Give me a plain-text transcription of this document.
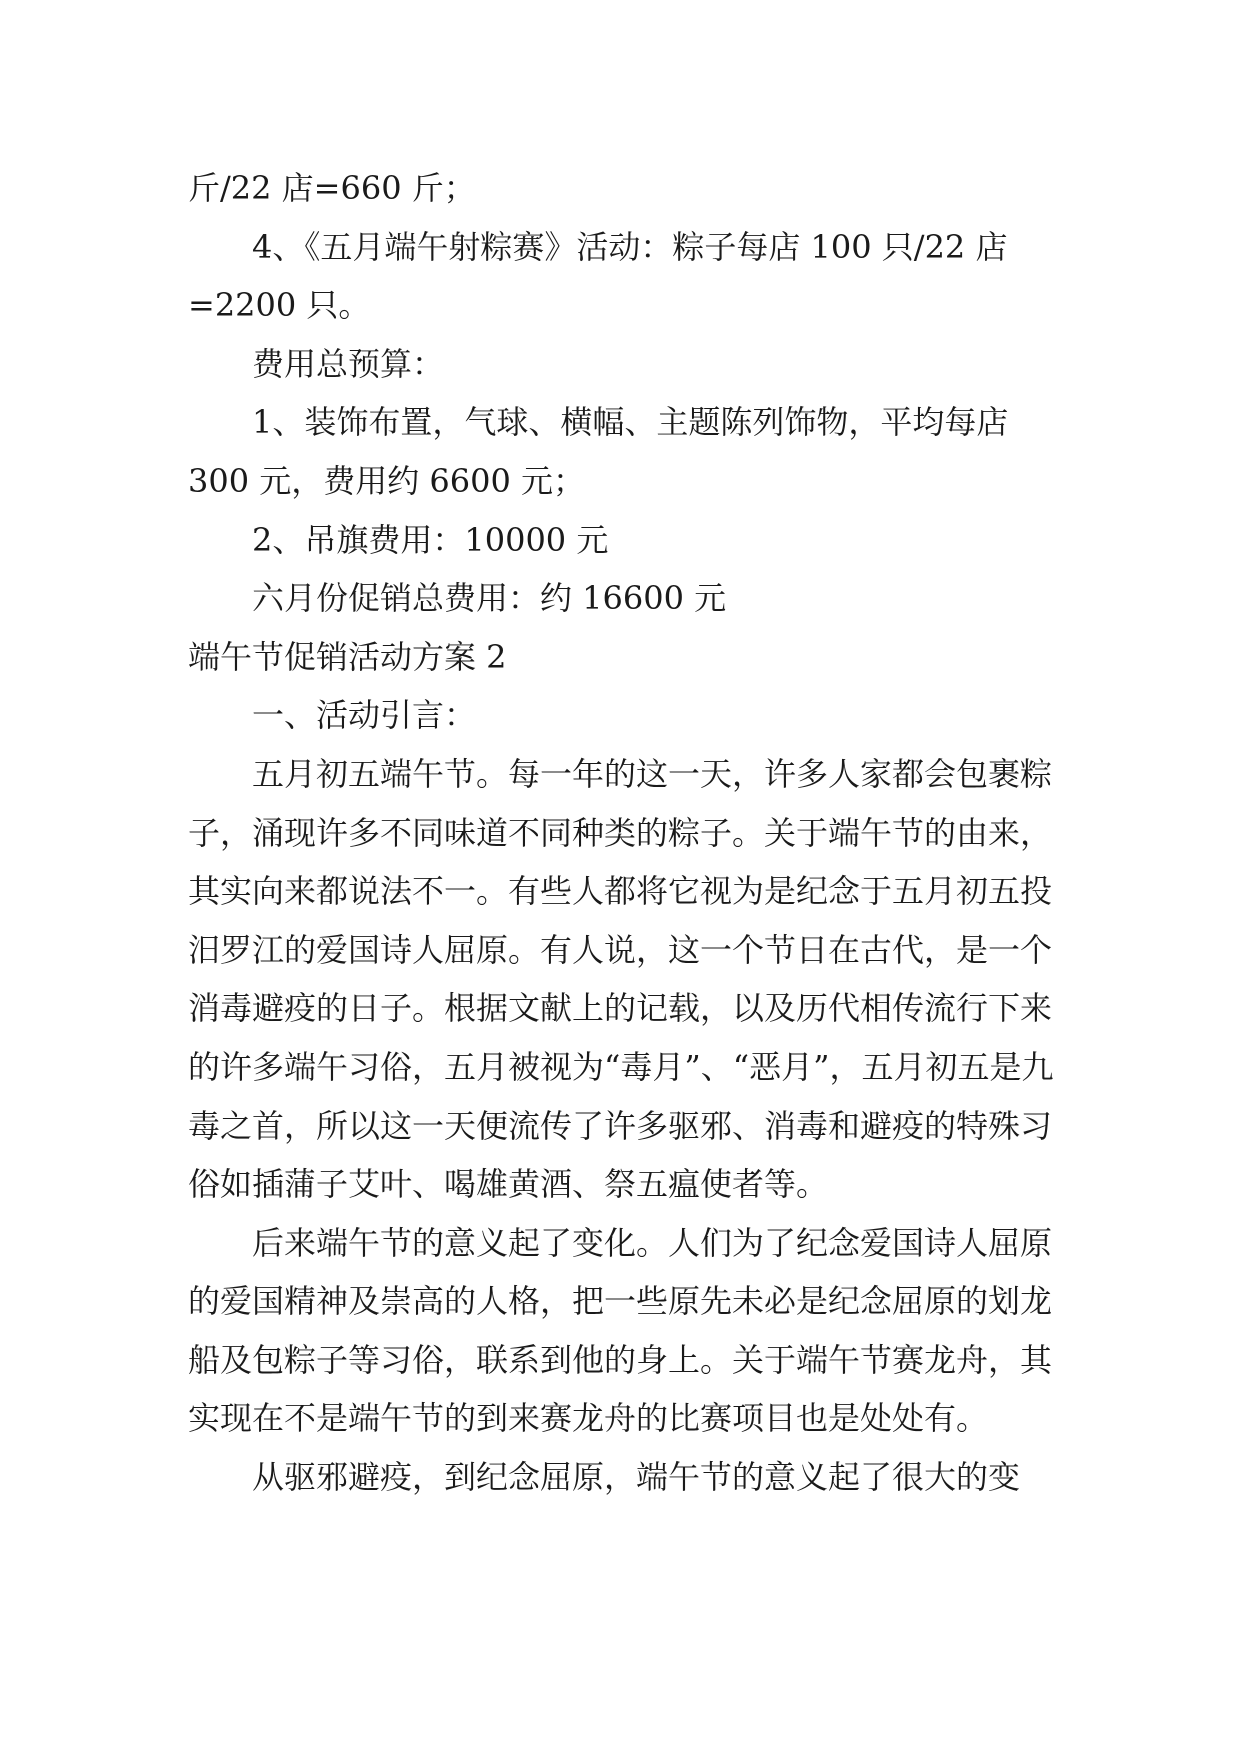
斤/22 店=660 斤；

4、《五月端午射粽赛》活动：粽子每店 100 只/22 店=2200 只。

费用总预算：

1、装饰布置，气球、横幅、主题陈列饰物，平均每店 300 元，费用约 6600 元；

2、吊旗费用：10000 元

六月份促销总费用：约 16600 元

端午节促销活动方案 2

一、活动引言：

五月初五端午节。每一年的这一天，许多人家都会包裹粽子，涌现许多不同味道不同种类的粽子。关于端午节的由来，其实向来都说法不一。有些人都将它视为是纪念于五月初五投汨罗江的爱国诗人屈原。有人说，这一个节日在古代，是一个消毒避疫的日子。根据文献上的记载，以及历代相传流行下来的许多端午习俗，五月被视为“毒月”、“恶月”，五月初五是九毒之首，所以这一天便流传了许多驱邪、消毒和避疫的特殊习俗如插蒲子艾叶、喝雄黄酒、祭五瘟使者等。

后来端午节的意义起了变化。人们为了纪念爱国诗人屈原的爱国精神及崇高的人格，把一些原先未必是纪念屈原的划龙船及包粽子等习俗，联系到他的身上。关于端午节赛龙舟，其实现在不是端午节的到来赛龙舟的比赛项目也是处处有。

从驱邪避疫，到纪念屈原，端午节的意义起了很大的变
